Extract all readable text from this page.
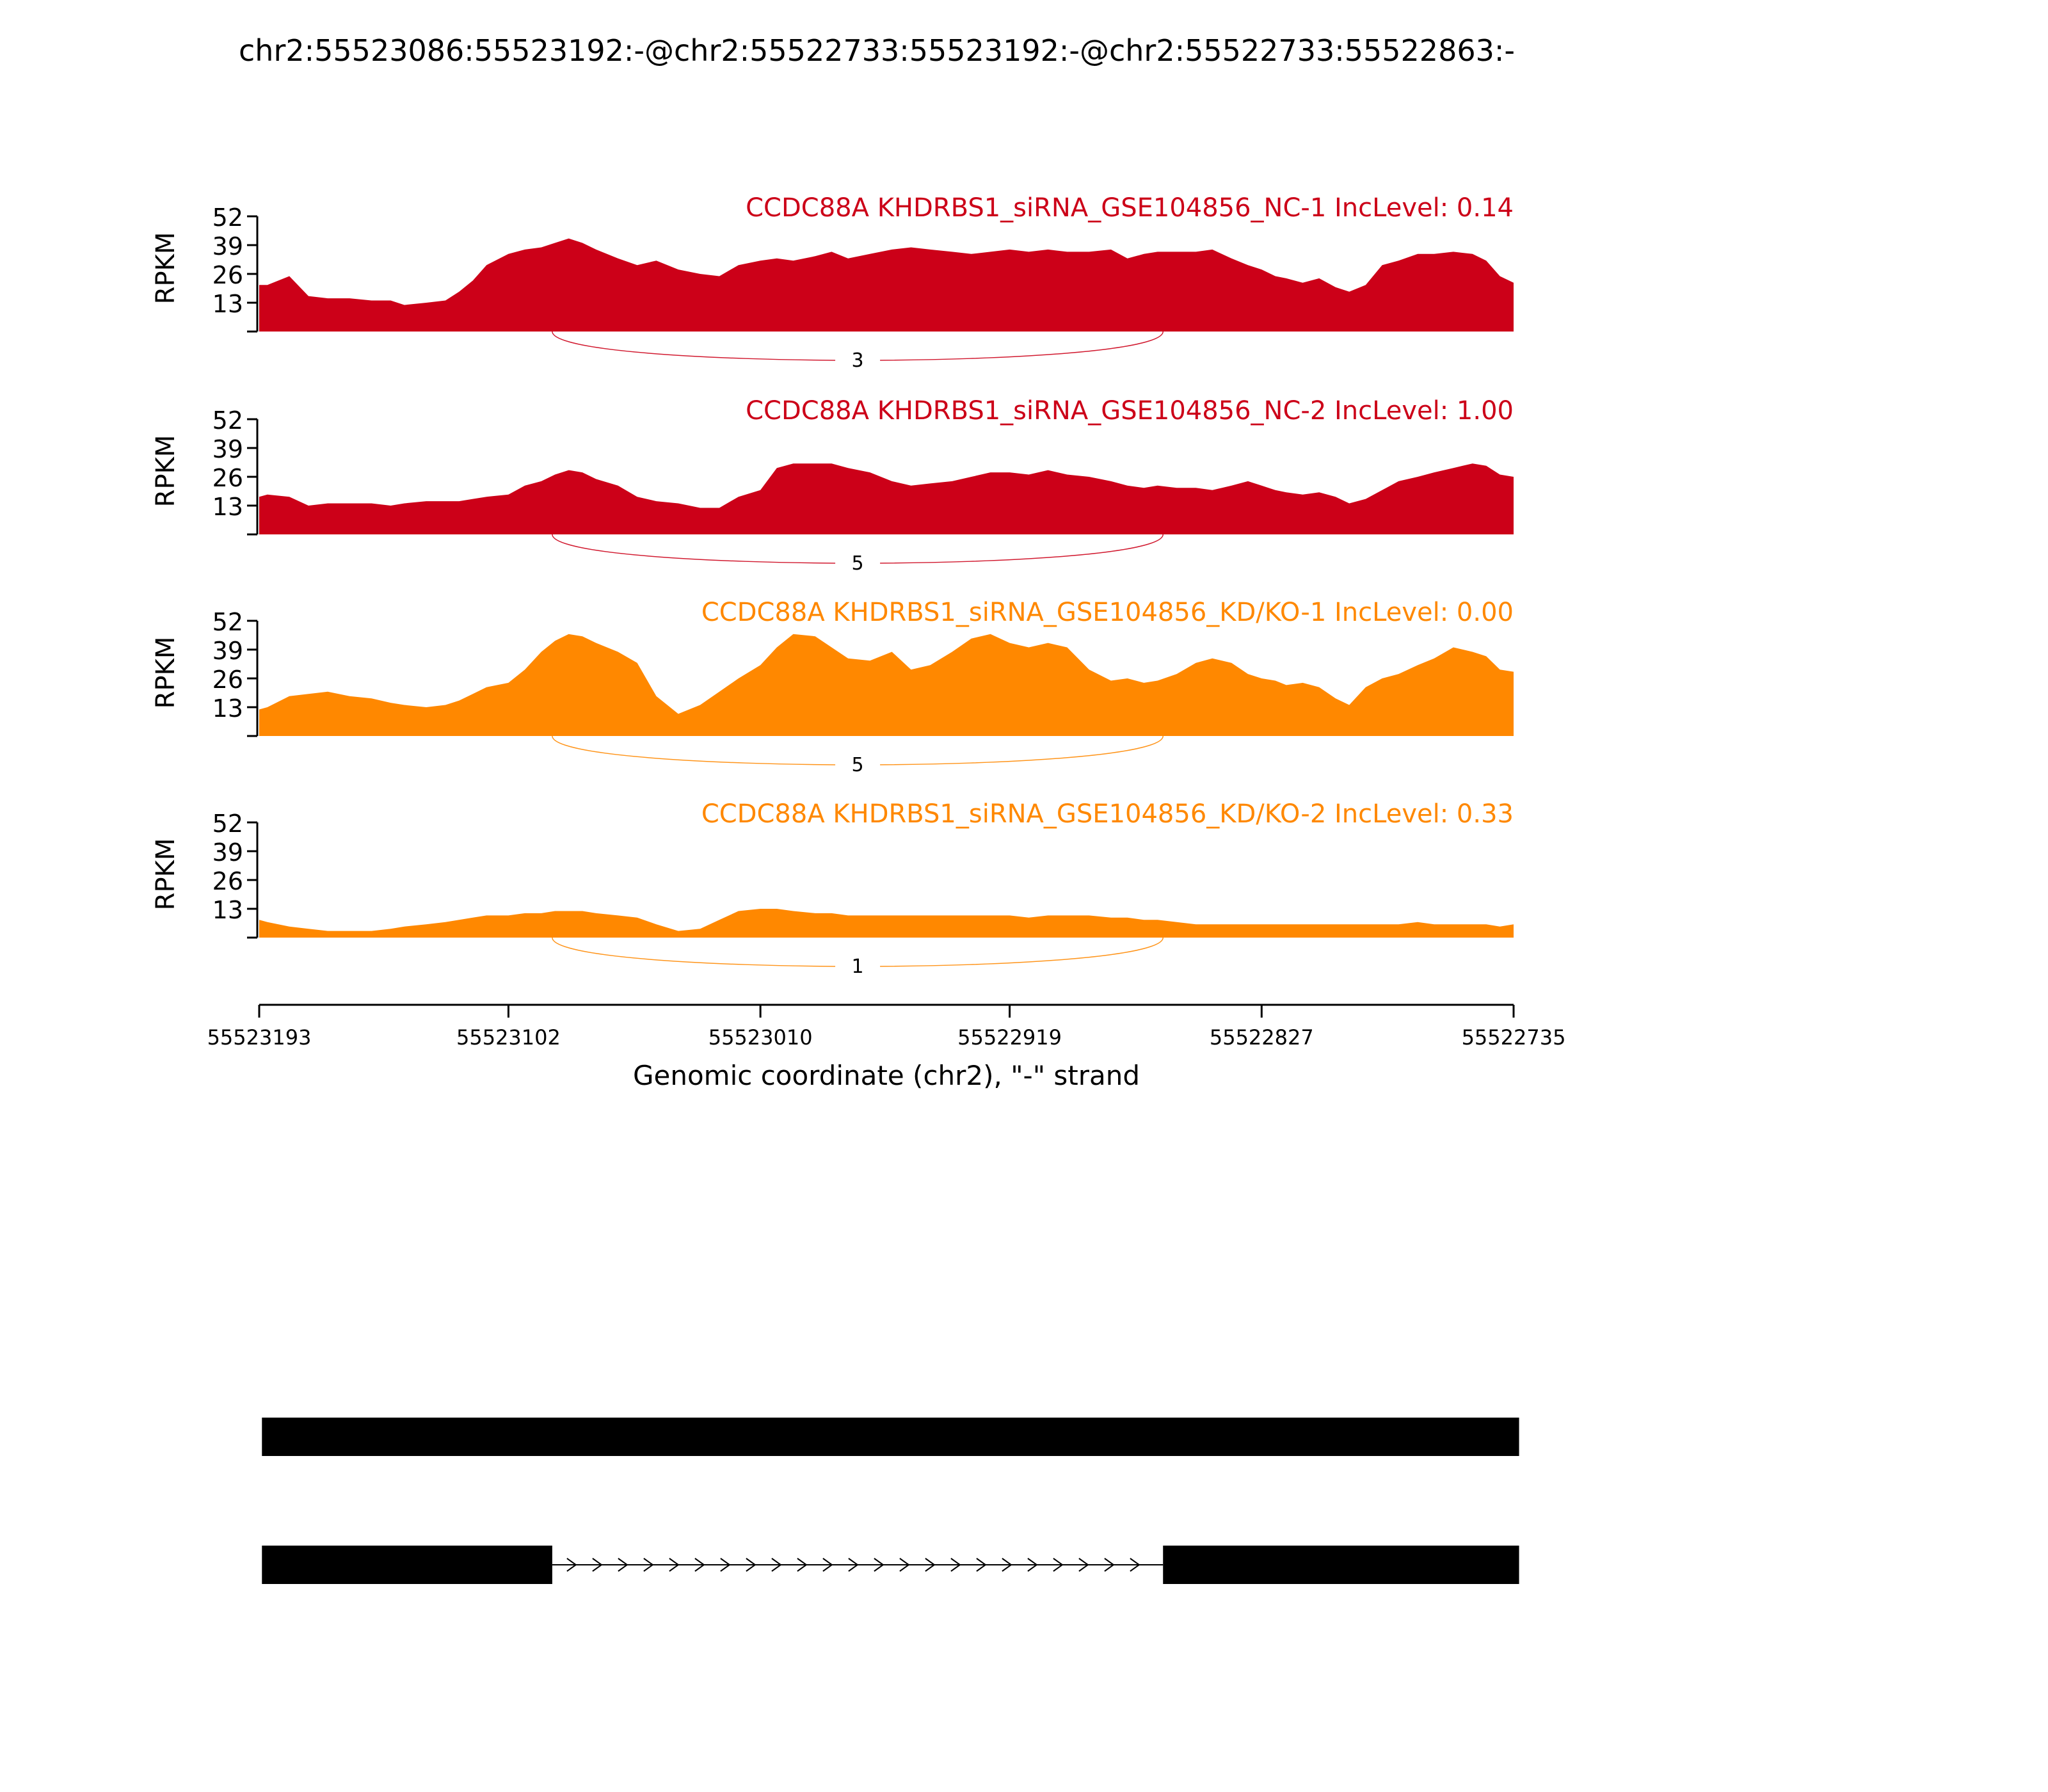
chr2:55523086:55523192:-@chr2:55522733:55523192:-@chr2:55522733:55522863:-
52
39
26
13
RPKM
CCDC88A KHDRBS1_siRNA_GSE104856_NC-1 IncLevel: 0.14
3
52
39
26
13
RPKM
CCDC88A KHDRBS1_siRNA_GSE104856_NC-2 IncLevel: 1.00
5
52
39
26
13
RPKM
CCDC88A KHDRBS1_siRNA_GSE104856_KD/KO-1 IncLevel: 0.00
5
52
39
26
13
RPKM
CCDC88A KHDRBS1_siRNA_GSE104856_KD/KO-2 IncLevel: 0.33
1
55523193	55523102	55523010	55522919	55522827	55522735
Genomic coordinate (chr2), "-" strand
